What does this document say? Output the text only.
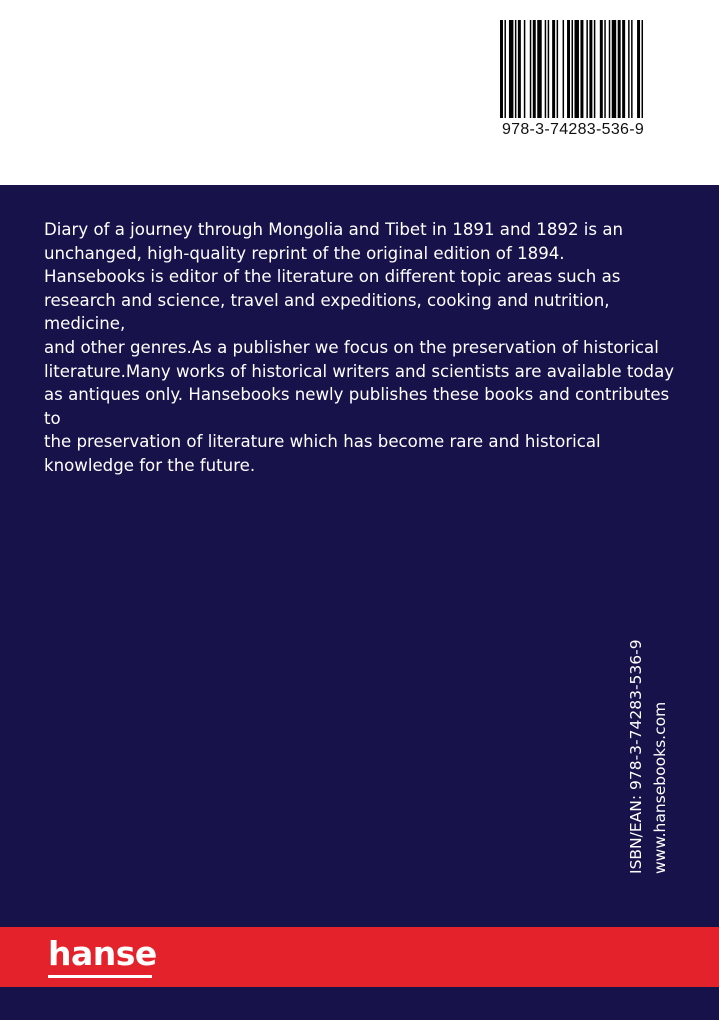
978-3-74283-536-9
Diary of a journey through Mongolia and Tibet in 1891 and 1892 is an
unchanged, high-quality reprint of the original edition of 1894.
Hansebooks is editor of the literature on different topic areas such as
research and science, travel and expeditions, cooking and nutrition, medicine,
and other genres.As a publisher we focus on the preservation of historical
literature.Many works of historical writers and scientists are available today
as antiques only. Hansebooks newly publishes these books and contributes to
the preservation of literature which has become rare and historical
knowledge for the future.
ISBN/EAN: 978-3-74283-536-9 www.hansebooks.com
hanse
